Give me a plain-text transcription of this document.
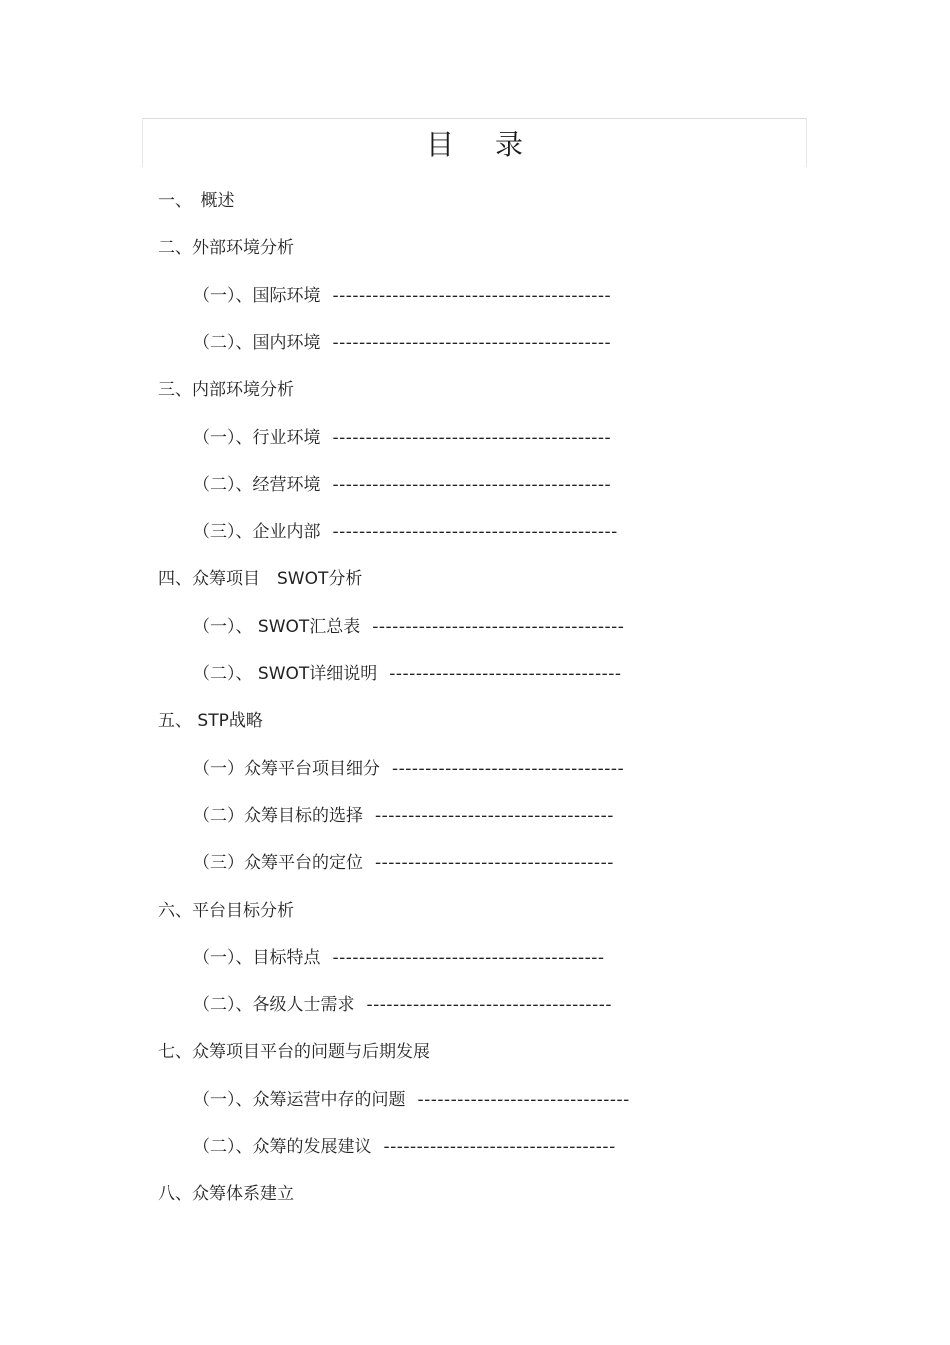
目 录
一、　概述
二、外部环境分析
（一）、国际环境 ------------------------------------------
（二）、国内环境 ------------------------------------------
三、内部环境分析
（一）、行业环境 ------------------------------------------
（二）、经营环境 ------------------------------------------
（三）、企业内部 -------------------------------------------
四、众筹项目　SWOT分析
（一）、 SWOT汇总表 --------------------------------------
（二）、 SWOT详细说明 -----------------------------------
五、 STP战略
（一）众筹平台项目细分 -----------------------------------
（二）众筹目标的选择 ------------------------------------
（三）众筹平台的定位 ------------------------------------
六、平台目标分析
（一）、目标特点 -----------------------------------------
（二）、各级人士需求 -------------------------------------
七、众筹项目平台的问题与后期发展
（一）、众筹运营中存的问题 --------------------------------
（二）、众筹的发展建议 -----------------------------------
八、众筹体系建立
